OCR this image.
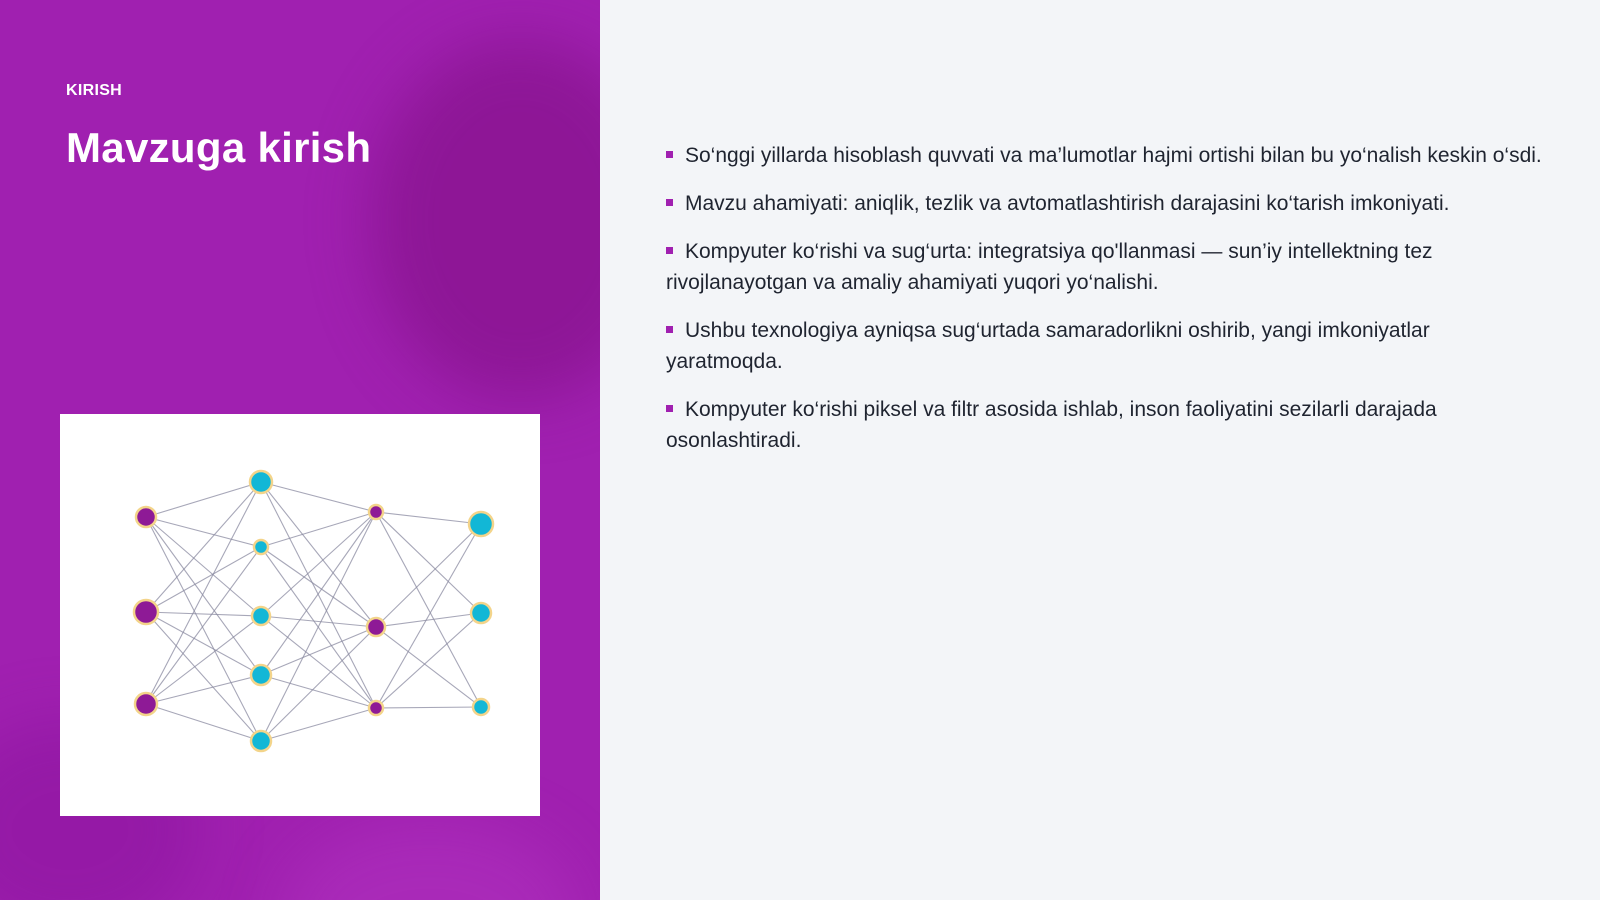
KIRISH
Mavzuga kirish	So‘nggi yillarda hisoblash quvvati va ma’lumotlar hajmi ortishi bilan bu yo‘nalish keskin o‘sdi.
Mavzu ahamiyati: aniqlik, tezlik va avtomatlashtirish darajasini ko‘tarish imkoniyati.
Kompyuter ko‘rishi va sug‘urta: integratsiya qo'llanmasi — sun’iy intellektning tez rivojlanayotgan va amaliy ahamiyati yuqori yo‘nalishi.
Ushbu texnologiya ayniqsa sug‘urtada samaradorlikni oshirib, yangi imkoniyatlar yaratmoqda.
Kompyuter ko‘rishi piksel va filtr asosida ishlab, inson faoliyatini sezilarli darajada osonlashtiradi.
